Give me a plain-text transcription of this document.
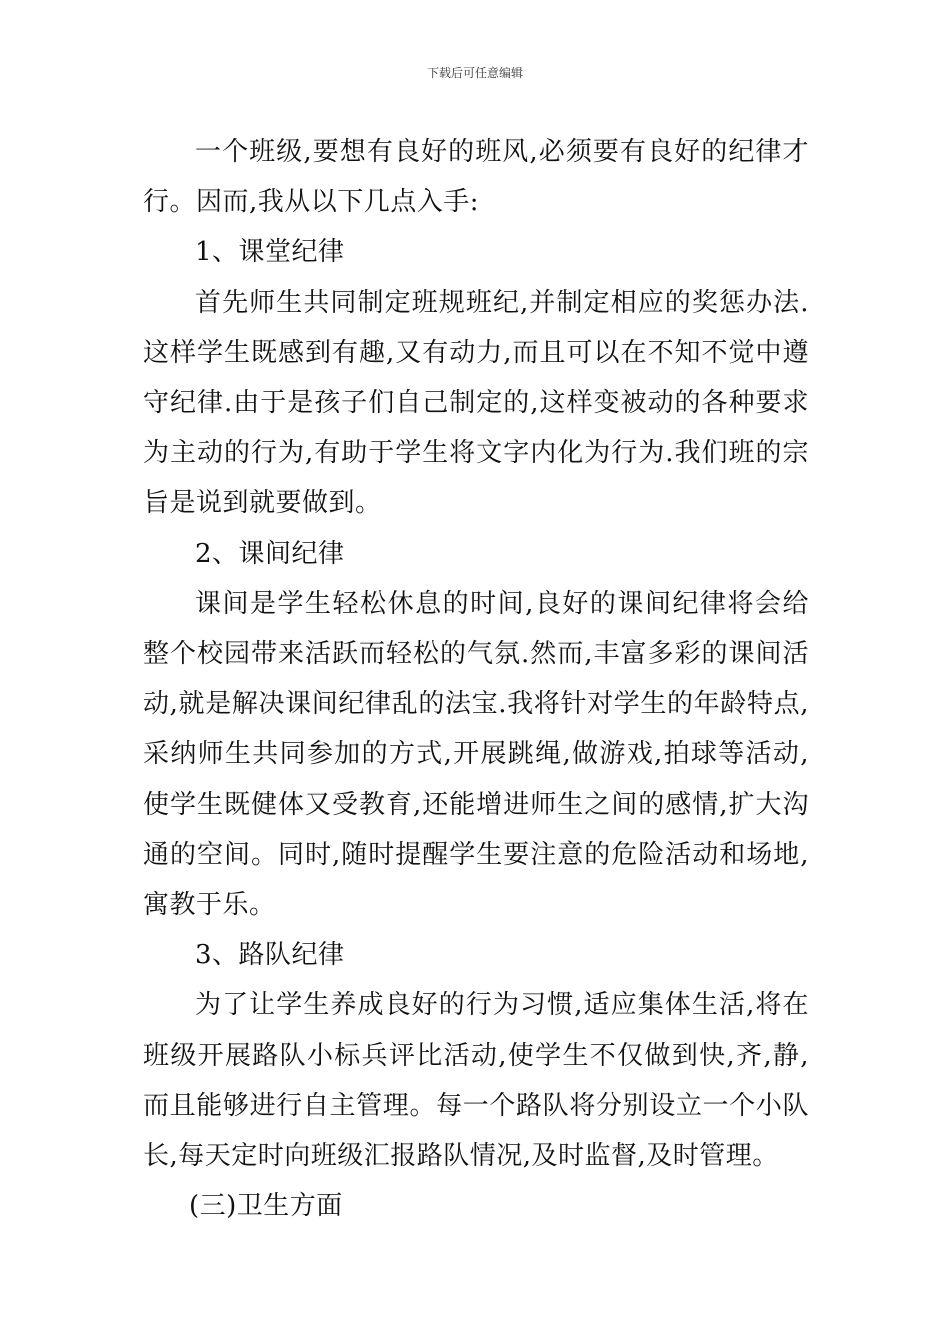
下载后可任意编辑

一个班级,要想有良好的班风,必须要有良好的纪律才行。因而,我从以下几点入手:

1、课堂纪律

首先师生共同制定班规班纪,并制定相应的奖惩办法.这样学生既感到有趣,又有动力,而且可以在不知不觉中遵守纪律.由于是孩子们自己制定的,这样变被动的各种要求为主动的行为,有助于学生将文字内化为行为.我们班的宗旨是说到就要做到。

2、课间纪律

课间是学生轻松休息的时间,良好的课间纪律将会给整个校园带来活跃而轻松的气氛.然而,丰富多彩的课间活动,就是解决课间纪律乱的法宝.我将针对学生的年龄特点,采纳师生共同参加的方式,开展跳绳,做游戏,拍球等活动,使学生既健体又受教育,还能增进师生之间的感情,扩大沟通的空间。同时,随时提醒学生要注意的危险活动和场地,寓教于乐。

3、路队纪律

为了让学生养成良好的行为习惯,适应集体生活,将在班级开展路队小标兵评比活动,使学生不仅做到快,齐,静,而且能够进行自主管理。每一个路队将分别设立一个小队长,每天定时向班级汇报路队情况,及时监督,及时管理。

(三)卫生方面
